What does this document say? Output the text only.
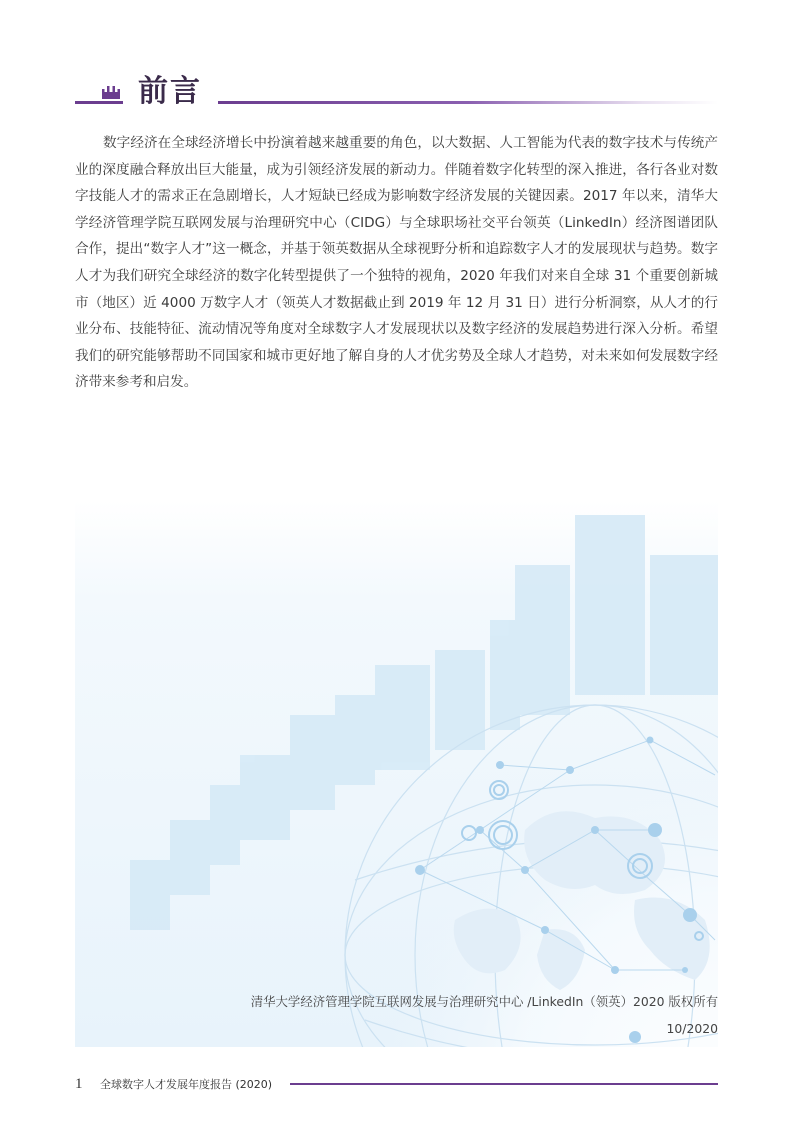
前言

数字经济在全球经济增长中扮演着越来越重要的角色，以大数据、人工智能为代表的数字技术与传统产业的深度融合释放出巨大能量，成为引领经济发展的新动力。伴随着数字化转型的深入推进，各行各业对数字技能人才的需求正在急剧增长，人才短缺已经成为影响数字经济发展的关键因素。2017 年以来，清华大学经济管理学院互联网发展与治理研究中心（CIDG）与全球职场社交平台领英（LinkedIn）经济图谱团队合作，提出“数字人才”这一概念，并基于领英数据从全球视野分析和追踪数字人才的发展现状与趋势。数字人才为我们研究全球经济的数字化转型提供了一个独特的视角，2020 年我们对来自全球 31 个重要创新城市（地区）近 4000 万数字人才（领英人才数据截止到 2019 年 12 月 31 日）进行分析洞察，从人才的行业分布、技能特征、流动情况等角度对全球数字人才发展现状以及数字经济的发展趋势进行深入分析。希望我们的研究能够帮助不同国家和城市更好地了解自身的人才优劣势及全球人才趋势，对未来如何发展数字经济带来参考和启发。

清华大学经济管理学院互联网发展与治理研究中心 /LinkedIn（领英）2020 版权所有
10/2020
1 全球数字人才发展年度报告 (2020)
